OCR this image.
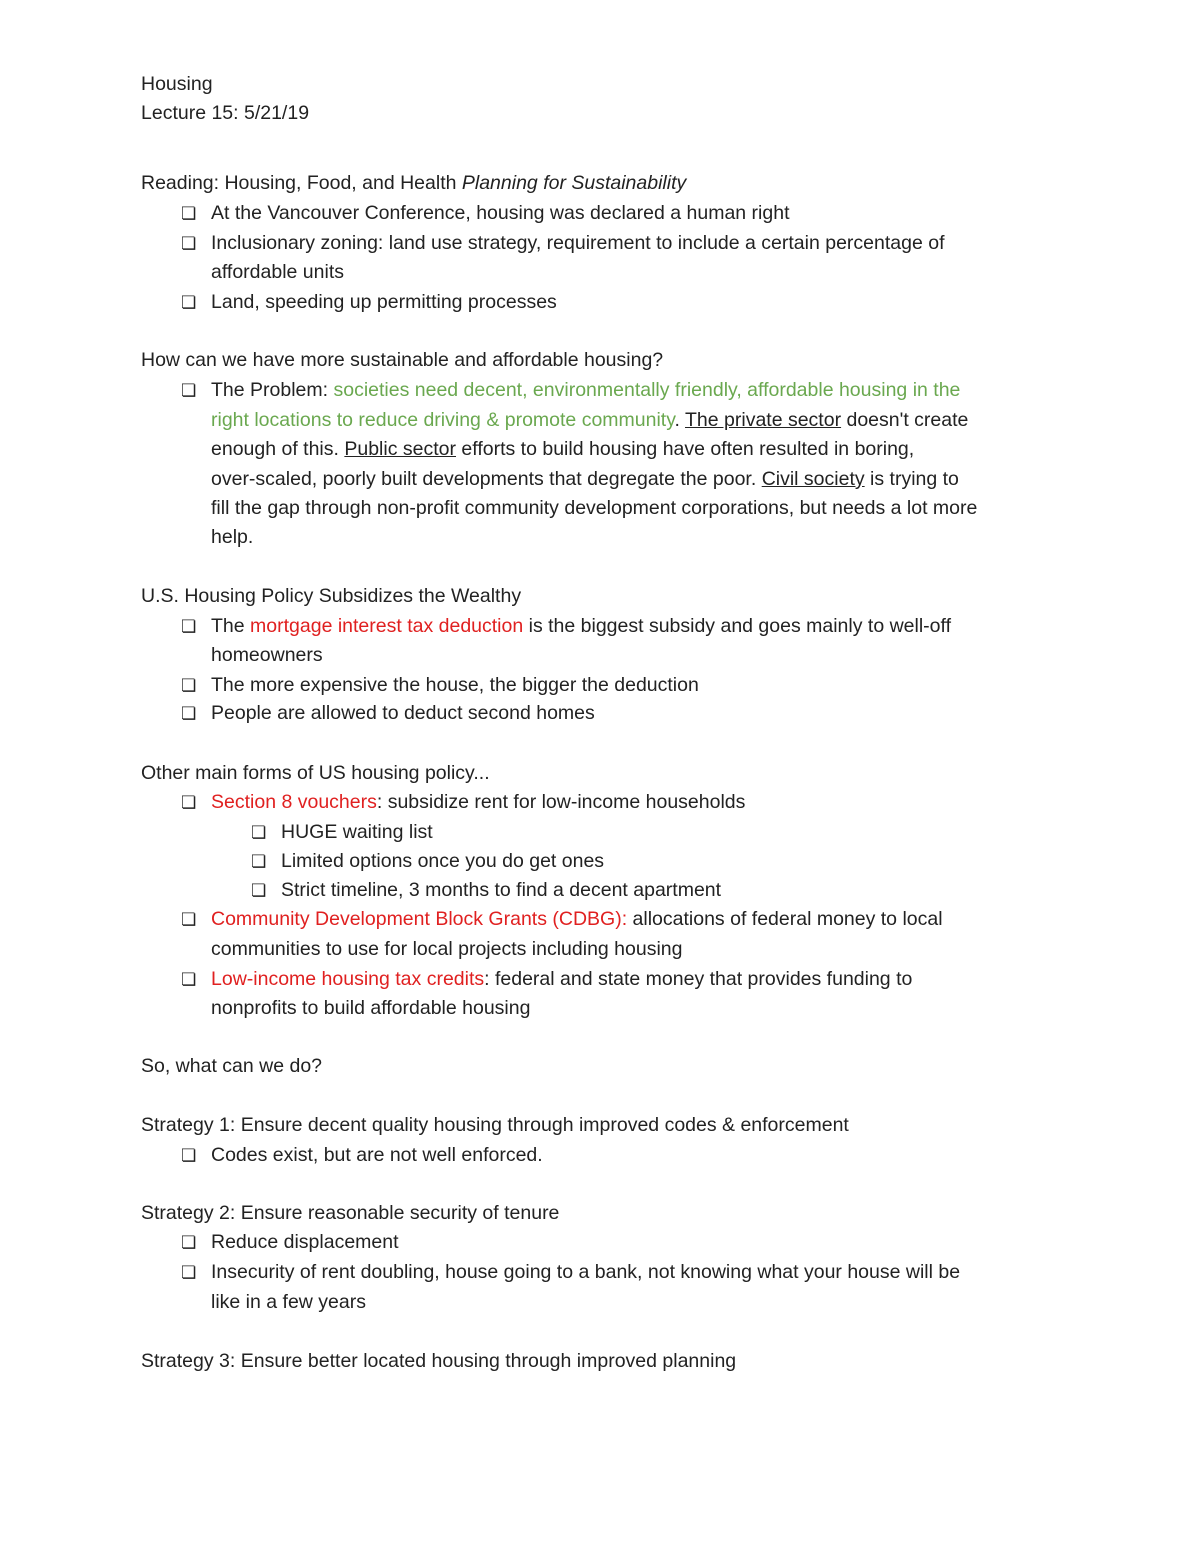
Housing
Lecture 15: 5/21/19
Reading: Housing, Food, and Health Planning for Sustainability
❏ At the Vancouver Conference, housing was declared a human right
❏ Inclusionary zoning: land use strategy, requirement to include a certain percentage of
affordable units
❏ Land, speeding up permitting processes
How can we have more sustainable and affordable housing?
❏ The Problem: societies need decent, environmentally friendly, affordable housing in the
right locations to reduce driving & promote community. The private sector doesn't create
enough of this. Public sector efforts to build housing have often resulted in boring,
over-scaled, poorly built developments that degregate the poor. Civil society is trying to
fill the gap through non-profit community development corporations, but needs a lot more
help.
U.S. Housing Policy Subsidizes the Wealthy
❏ The mortgage interest tax deduction is the biggest subsidy and goes mainly to well-off
homeowners
❏ The more expensive the house, the bigger the deduction
❏ People are allowed to deduct second homes
Other main forms of US housing policy...
❏ Section 8 vouchers: subsidize rent for low-income households
❏ HUGE waiting list
❏ Limited options once you do get ones
❏ Strict timeline, 3 months to find a decent apartment
❏ Community Development Block Grants (CDBG): allocations of federal money to local
communities to use for local projects including housing
❏ Low-income housing tax credits: federal and state money that provides funding to
nonprofits to build affordable housing
So, what can we do?
Strategy 1: Ensure decent quality housing through improved codes & enforcement
❏ Codes exist, but are not well enforced.
Strategy 2: Ensure reasonable security of tenure
❏ Reduce displacement
❏ Insecurity of rent doubling, house going to a bank, not knowing what your house will be
like in a few years
Strategy 3: Ensure better located housing through improved planning
